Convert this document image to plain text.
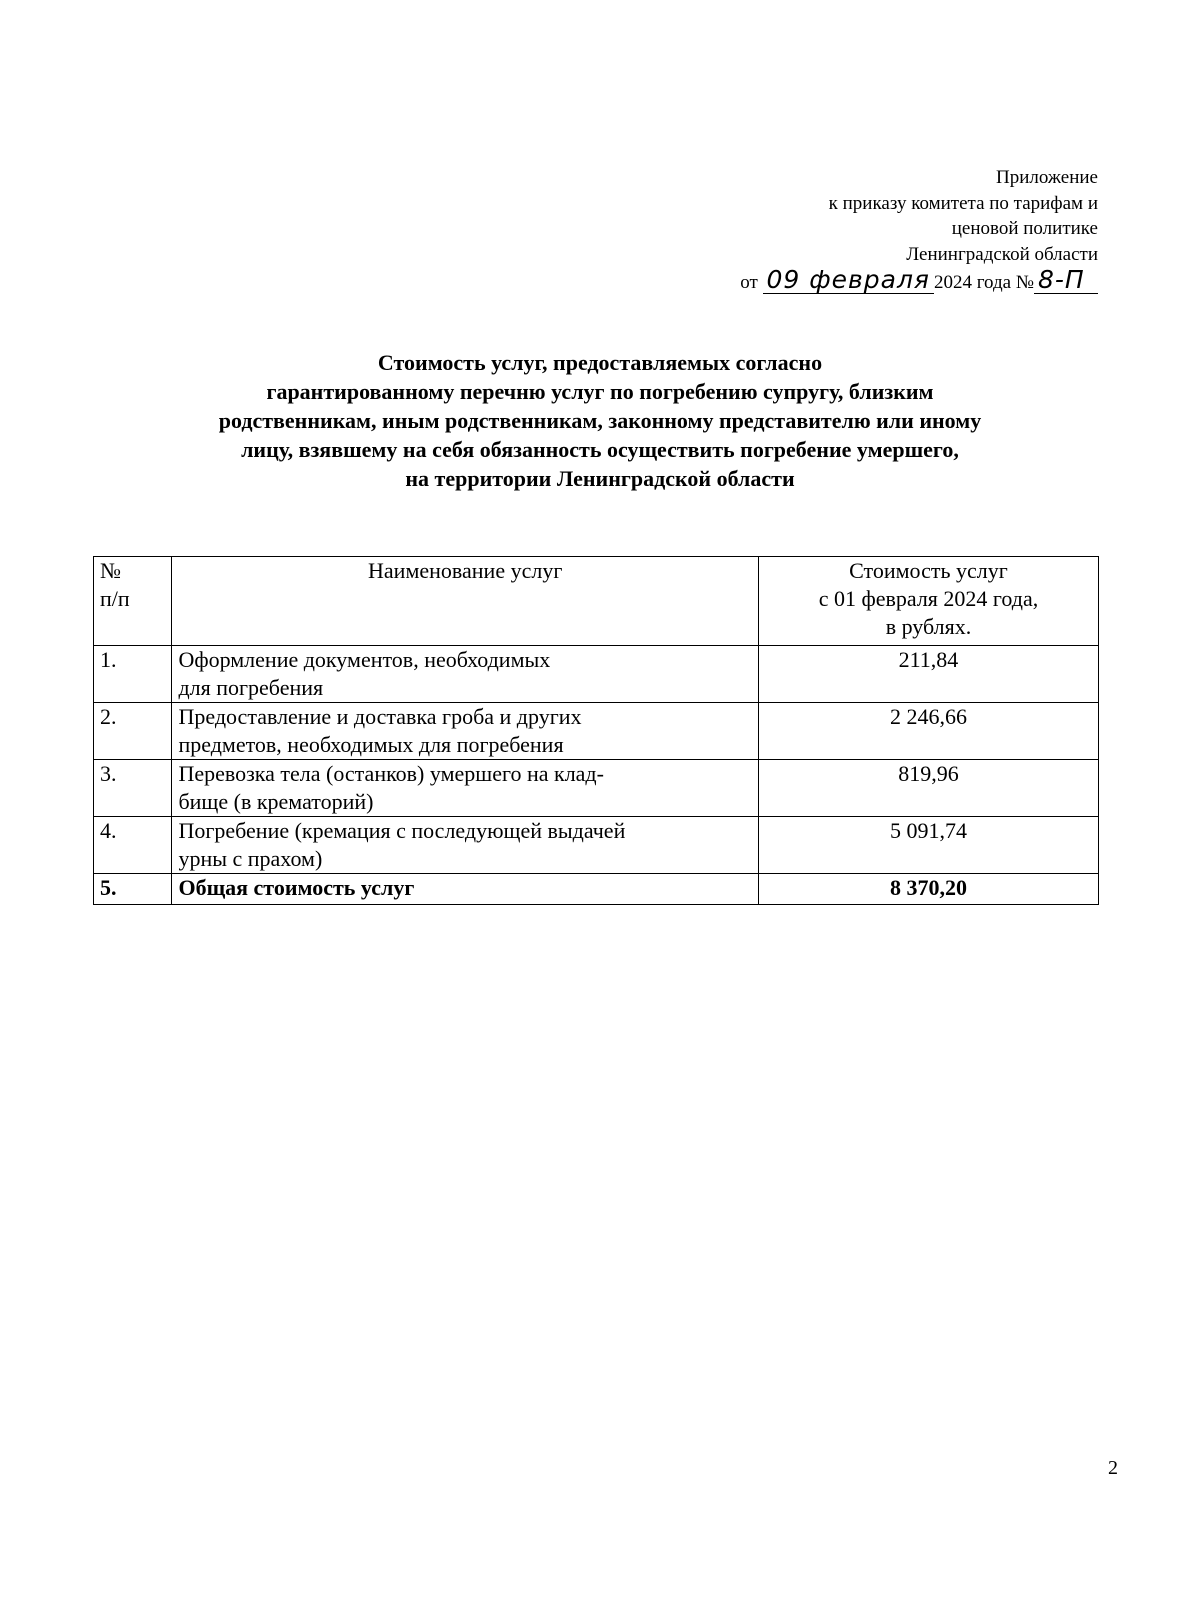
Приложение
к приказу комитета по тарифам и
ценовой политике
Ленинградской области
от 09 февраля 2024 года № 8-П
Стоимость услуг, предоставляемых согласно
гарантированному перечню услуг по погребению супругу, близким
родственникам, иным родственникам, законному представителю или иному
лицу, взявшему на себя обязанность осуществить погребение умершего,
на территории Ленинградской области
№
п/п	Наименование услуг	Стоимость услуг
с 01 февраля 2024 года,
в рублях.

1.	Оформление документов, необходимых
для погребения	211,84
2.	Предоставление и доставка гроба и других
предметов, необходимых для погребения	2 246,66
3.	Перевозка тела (останков) умершего на клад-
бище (в крематорий)	819,96
4.	Погребение (кремация с последующей выдачей
урны с прахом)	5 091,74
5.	Общая стоимость услуг	8 370,20
2
